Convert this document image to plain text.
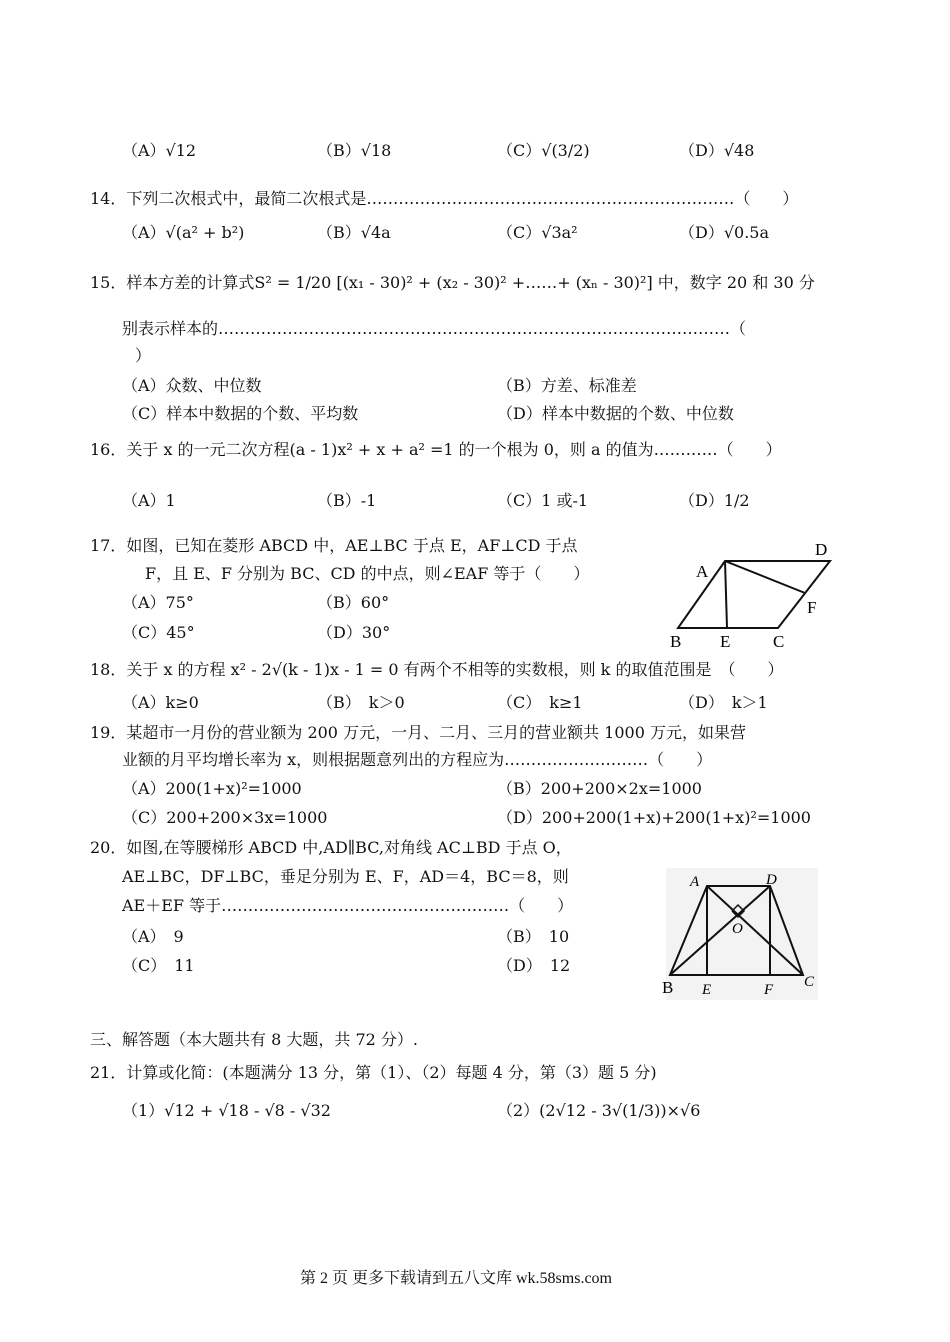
（A）√12	（B）√18	（C）√(3/2)	（D）√48
14．下列二次根式中，最简二次根式是……………………………………………………………（　　）
（A）√(a² + b²)	（B）√4a	（C）√3a²	（D）√0.5a
15．样本方差的计算式S² = 1/20 [(x₁ - 30)² + (x₂ - 30)² +……+ (xₙ - 30)²] 中，数字 20 和 30 分
别表示样本的……………………………………………………………………………………（
）
（A）众数、中位数	（B）方差、标准差
（C）样本中数据的个数、平均数	（D）样本中数据的个数、中位数
16．关于 x 的一元二次方程(a - 1)x² + x + a² =1 的一个根为 0，则 a 的值为…………（　　）
（A）1	（B）-1	（C）1 或-1	（D）1/2
17．如图，已知在菱形 ABCD 中，AE⊥BC 于点 E，AF⊥CD 于点
F，且 E、F 分别为 BC、CD 的中点，则∠EAF 等于（　　）
（A）75°	（B）60°
（C）45°	（D）30°
A
D
F
B E	C
18．关于 x 的方程 x² - 2√(k - 1)x - 1 = 0 有两个不相等的实数根，则 k 的取值范围是　（　　）
（A）k≥0	（B）　k＞0	（C）　k≥1	（D）　k＞1
19．某超市一月份的营业额为 200 万元，一月、二月、三月的营业额共 1000 万元，如果营
业额的月平均增长率为 x，则根据题意列出的方程应为………………………（　　）
（A）200(1+x)²=1000	（B）200+200×2x=1000
（C）200+200×3x=1000	（D）200+200(1+x)+200(1+x)²=1000
20．如图,在等腰梯形 ABCD 中,AD∥BC,对角线 AC⊥BD 于点 O，
AE⊥BC，DF⊥BC，垂足分别为 E、F，AD＝4，BC＝8，则
AE＋EF 等于………………………………………………（　　）
（A）　9	（B）　10
（C）　11	（D）　12
A	D
O
B E	F C
三、解答题（本大题共有 8 大题，共 72 分）.
21．计算或化简：(本题满分 13 分，第（1）、（2）每题 4 分，第（3）题 5 分)
（1）√12 + √18 - √8 - √32	（2）(2√12 - 3√(1/3))×√6
第 2 页 更多下载请到五八文库 wk.58sms.com
